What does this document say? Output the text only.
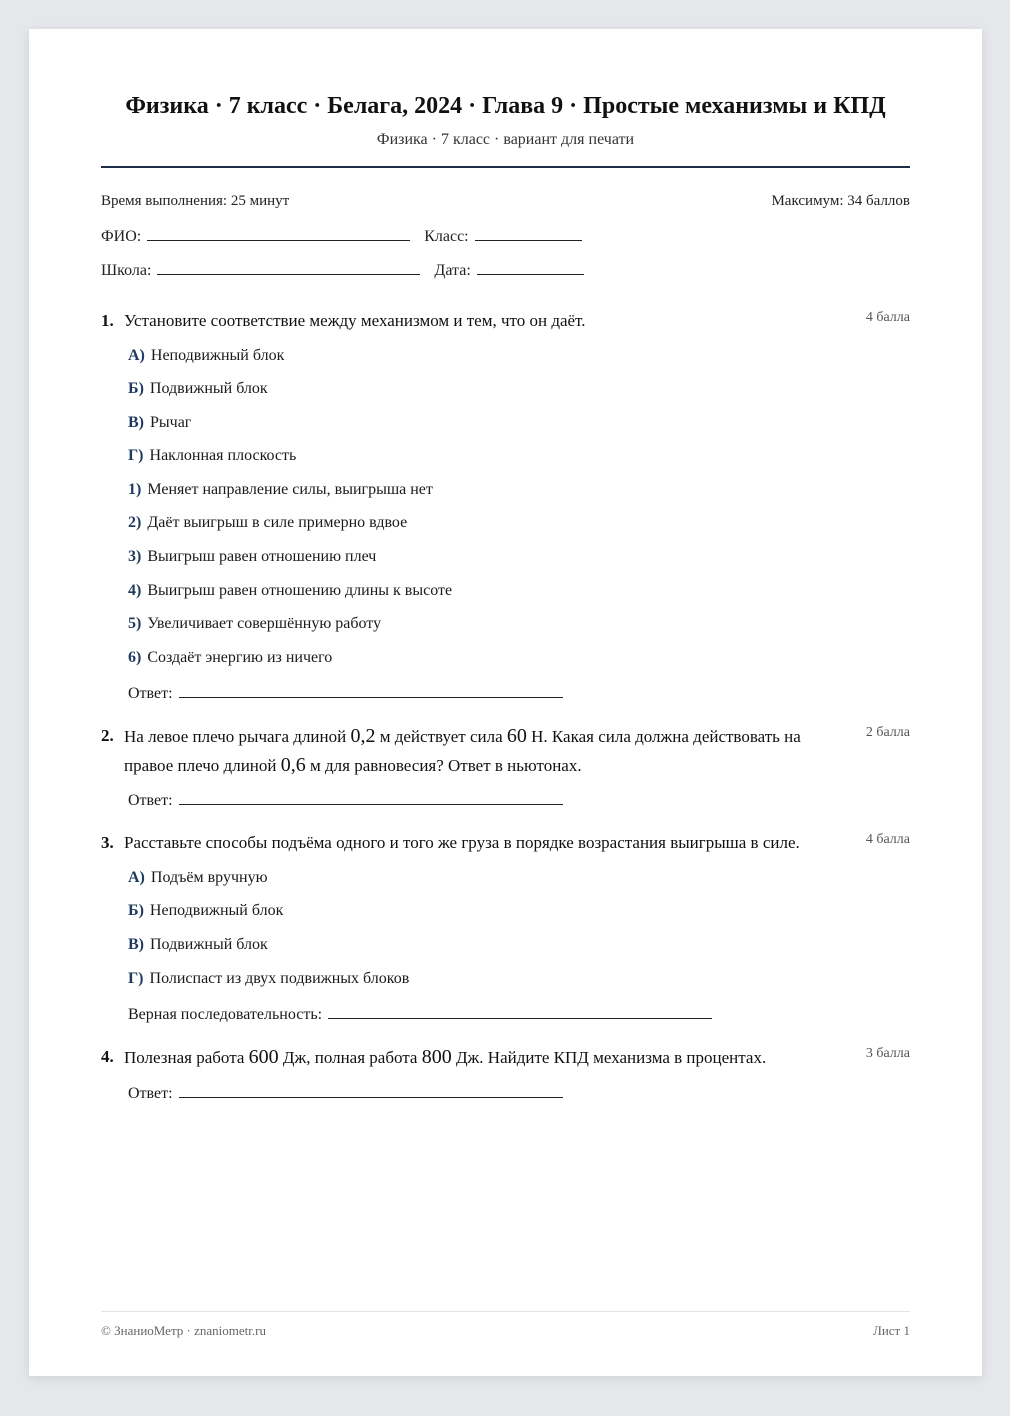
Физика · 7 класс · Белага, 2024 · Глава 9 · Простые механизмы и КПД
Физика · 7 класс · вариант для печати
Время выполнения: 25 минут	Максимум: 34 баллов
ФИО:	Класс:
Школа:	Дата:
1. Установите соответствие между механизмом и тем, что он даёт.	4 балла
А) Неподвижный блок
Б) Подвижный блок
В) Рычаг
Г) Наклонная плоскость
1) Меняет направление силы, выигрыша нет
2) Даёт выигрыш в силе примерно вдвое
3) Выигрыш равен отношению плеч
4) Выигрыш равен отношению длины к высоте
5) Увеличивает совершённую работу
6) Создаёт энергию из ничего
Ответ:
2. На левое плечо рычага длиной 0,2 м действует сила 60 Н. Какая сила должна действовать на правое плечо длиной 0,6 м для равновесия? Ответ в ньютонах.
2 балла
Ответ:
3. Расставьте способы подъёма одного и того же груза в порядке возрастания выигрыша в силе.	4 балла
А) Подъём вручную
Б) Неподвижный блок
В) Подвижный блок
Г) Полиспаст из двух подвижных блоков
Верная последовательность:
4. Полезная работа 600 Дж, полная работа 800 Дж. Найдите КПД механизма в процентах.	3 балла
Ответ:
© ЗнаниоМетр · znaniometr.ru	Лист 1
